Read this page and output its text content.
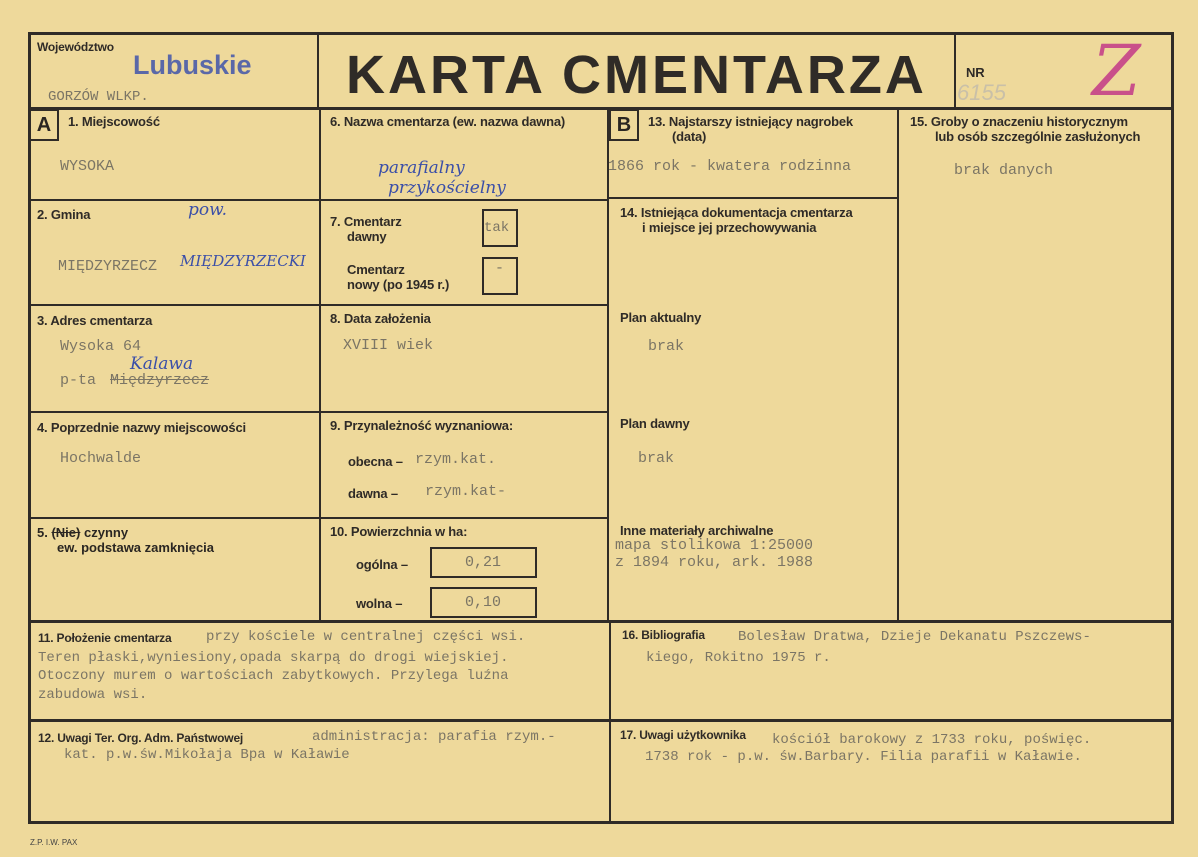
Województwo
Lubuskie
GORZÓW WLKP.	KARTA CMENTARZA	NR
6155 Z
A	1. Miejscowość
WYSOKA
2. Gmina	pow.
MIĘDZYRZECZ MIĘDZYRZECKI
3. Adres cmentarza
Wysoka 64
Kalawa
p-ta Międzyrzecz
4. Poprzednie nazwy miejscowości
Hochwalde
5. (Nie) czynny
ew. podstawa zamknięcia
6. Nazwa cmentarza (ew. nazwa dawna)
parafialny
przykościelny
7. Cmentarz
dawny
tak
Cmentarz
nowy (po 1945 r.)
-
8. Data założenia
XVIII wiek
9. Przynależność wyznaniowa:
obecna – rzym.kat.
dawna – rzym.kat-
10. Powierzchnia w ha:
ogólna –	0,21
wolna –	0,10
B	13. Najstarszy istniejący nagrobek
(data)
1866 rok - kwatera rodzinna
14. Istniejąca dokumentacja cmentarza
i miejsce jej przechowywania
Plan aktualny
brak
Plan dawny
brak
Inne materiały archiwalne
mapa stolikowa 1:25000
z 1894 roku, ark. 1988
15. Groby o znaczeniu historycznym
lub osób szczególnie zasłużonych
brak danych
11. Położenie cmentarza przy kościele w centralnej części wsi.
Teren płaski,wyniesiony,opada skarpą do drogi wiejskiej.
Otoczony murem o wartościach zabytkowych. Przylega luźna
zabudowa wsi.
16. Bibliografia Bolesław Dratwa, Dzieje Dekanatu Pszczews-
kiego, Rokitno 1975 r.
12. Uwagi Ter. Org. Adm. Państwowej	administracja: parafia rzym.-
kat. p.w.św.Mikołaja Bpa w Kaławie
17. Uwagi użytkownika kościół barokowy z 1733 roku, poświęc.
1738 rok - p.w. św.Barbary. Filia parafii w Kaławie.
Z.P. I.W. PAX
